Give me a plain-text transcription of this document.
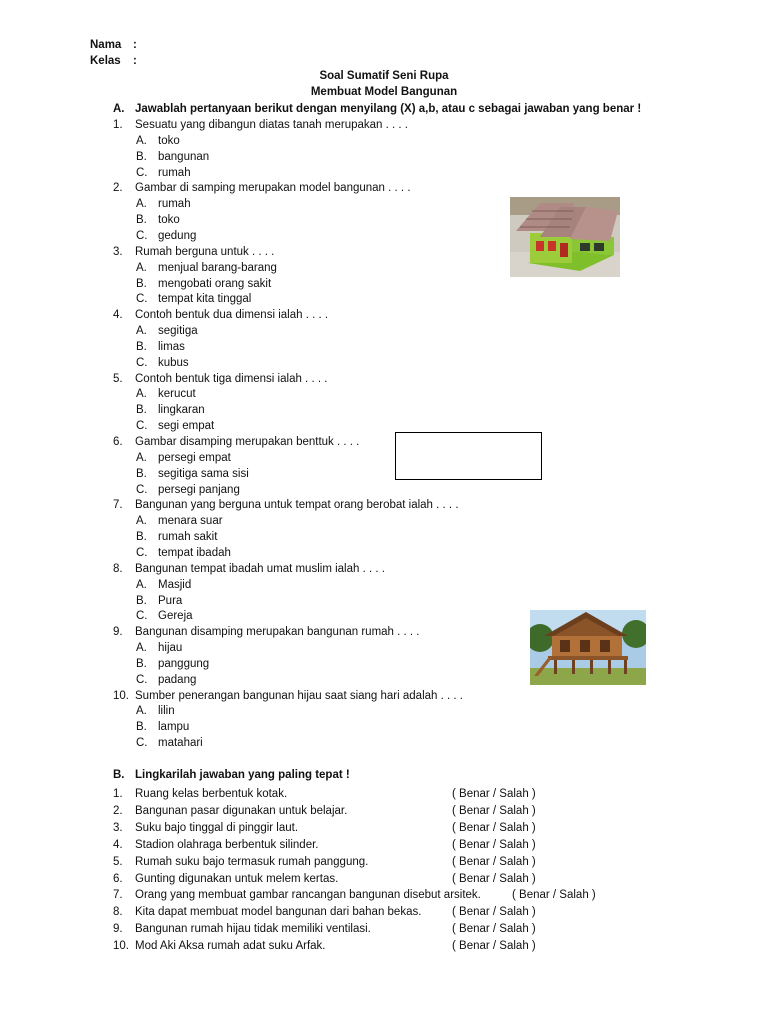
Nama :
Kelas :
Soal Sumatif Seni Rupa
Membuat Model Bangunan
A. Jawablah pertanyaan berikut dengan menyilang (X) a,b, atau c sebagai jawaban yang benar !
1. Sesuatu yang dibangun diatas tanah merupakan . . . .
A. toko
B. bangunan
C. rumah
2. Gambar di samping merupakan model bangunan . . . .
A. rumah
B. toko
C. gedung
3. Rumah berguna untuk . . . .
A. menjual barang-barang
B. mengobati orang sakit
C. tempat kita tinggal
4. Contoh bentuk dua dimensi ialah . . . .
A. segitiga
B. limas
C. kubus
5. Contoh bentuk tiga dimensi ialah . . . .
A. kerucut
B. lingkaran
C. segi empat
6. Gambar disamping merupakan benttuk . . . .
A. persegi empat
B. segitiga sama sisi
C. persegi panjang
7. Bangunan yang berguna untuk tempat orang berobat ialah . . . .
A. menara suar
B. rumah sakit
C. tempat ibadah
8. Bangunan tempat ibadah umat muslim ialah . . . .
A. Masjid
B. Pura
C. Gereja
9. Bangunan disamping merupakan bangunan rumah . . . .
A. hijau
B. panggung
C. padang
10. Sumber penerangan bangunan hijau saat siang hari adalah . . . .
A. lilin
B. lampu
C. matahari
B. Lingkarilah jawaban yang paling tepat !
1.	Ruang kelas berbentuk kotak.	( Benar / Salah )
2.	Bangunan pasar digunakan untuk belajar.	( Benar / Salah )
3.	Suku bajo tinggal di pinggir laut.	( Benar / Salah )
4.	Stadion olahraga berbentuk silinder.	( Benar / Salah )
5.	Rumah suku bajo termasuk rumah panggung.	( Benar / Salah )
6.	Gunting digunakan untuk melem kertas.	( Benar / Salah )
7.	Orang yang membuat gambar rancangan bangunan disebut arsitek.	( Benar / Salah )
8.	Kita dapat membuat model bangunan dari bahan bekas.	( Benar / Salah )
9.	Bangunan rumah hijau tidak memiliki ventilasi.	( Benar / Salah )
10. Mod Aki Aksa rumah adat suku Arfak.	( Benar / Salah )
